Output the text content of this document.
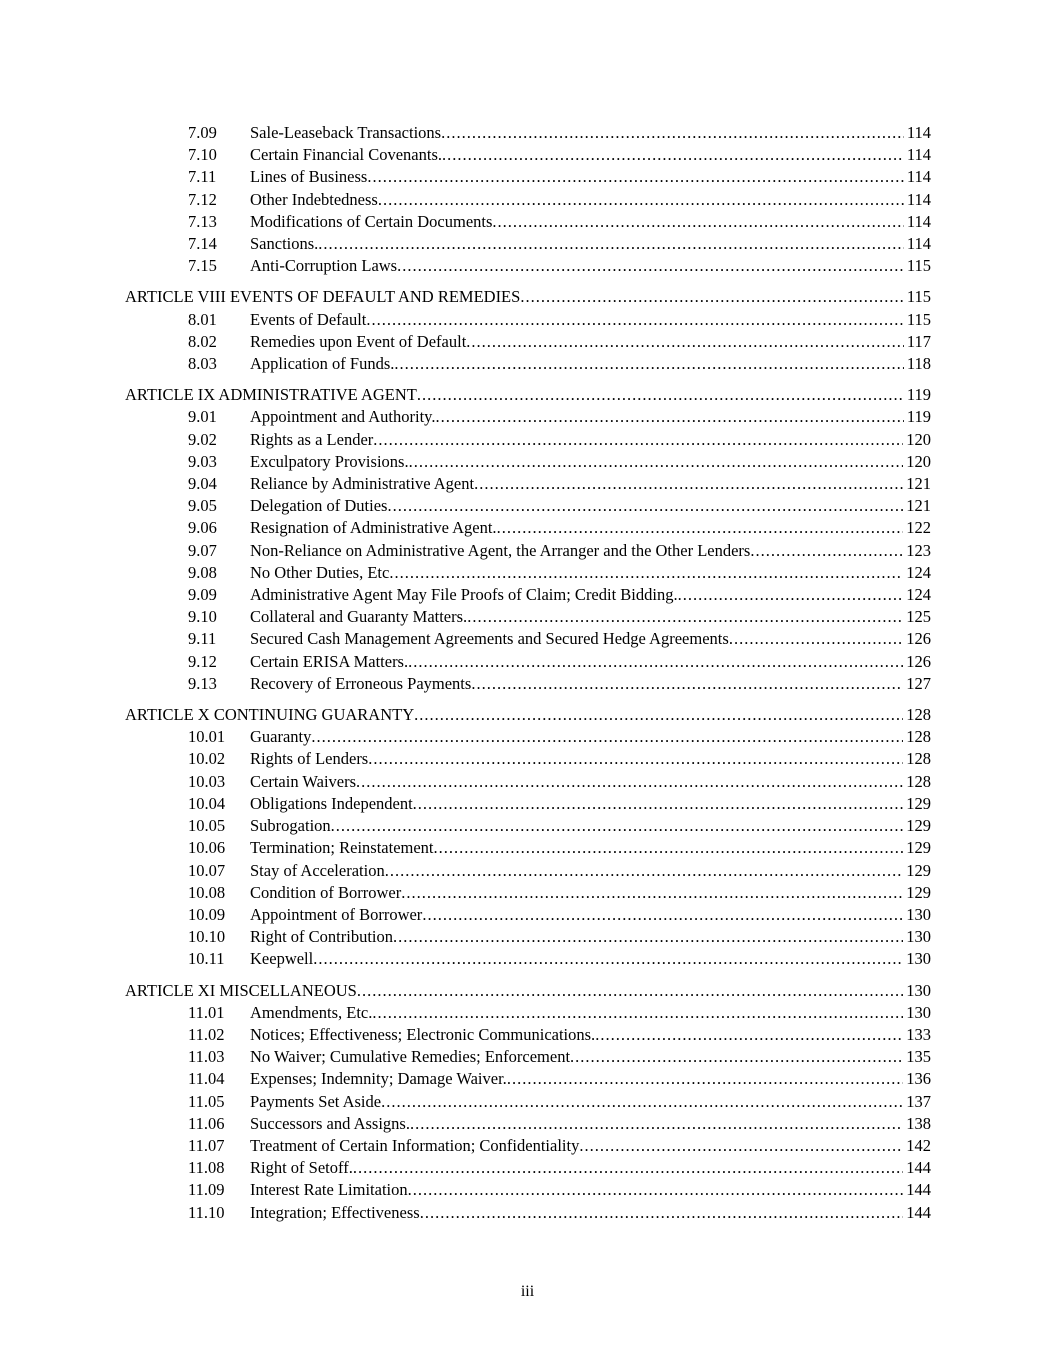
7.09	Sale-Leaseback Transactions .....	114
7.10	Certain Financial Covenants. .....	114
7.11	Lines of Business .....	114
7.12	Other Indebtedness .....	114
7.13	Modifications of Certain Documents .....	114
7.14	Sanctions. .....	114
7.15	Anti-Corruption Laws .....	115
ARTICLE VIII EVENTS OF DEFAULT AND REMEDIES .....	115
8.01	Events of Default .....	115
8.02	Remedies upon Event of Default .....	117
8.03	Application of Funds. .....	118
ARTICLE IX ADMINISTRATIVE AGENT .....	119
9.01	Appointment and Authority. .....	119
9.02	Rights as a Lender .....	120
9.03	Exculpatory Provisions. .....	120
9.04	Reliance by Administrative Agent .....	121
9.05	Delegation of Duties .....	121
9.06	Resignation of Administrative Agent. .....	122
9.07	Non-Reliance on Administrative Agent, the Arranger and the Other Lenders .....	123
9.08	No Other Duties, Etc .....	124
9.09	Administrative Agent May File Proofs of Claim; Credit Bidding. .....	124
9.10	Collateral and Guaranty Matters. .....	125
9.11	Secured Cash Management Agreements and Secured Hedge Agreements .....	126
9.12	Certain ERISA Matters. .....	126
9.13	Recovery of Erroneous Payments .....	127
ARTICLE X CONTINUING GUARANTY .....	128
10.01	Guaranty .....	128
10.02	Rights of Lenders .....	128
10.03	Certain Waivers .....	128
10.04	Obligations Independent .....	129
10.05	Subrogation .....	129
10.06	Termination; Reinstatement .....	129
10.07	Stay of Acceleration .....	129
10.08	Condition of Borrower .....	129
10.09	Appointment of Borrower .....	130
10.10	Right of Contribution .....	130
10.11	Keepwell .....	130
ARTICLE XI MISCELLANEOUS .....	130
11.01	Amendments, Etc. .....	130
11.02	Notices; Effectiveness; Electronic Communications. .....	133
11.03	No Waiver; Cumulative Remedies; Enforcement .....	135
11.04	Expenses; Indemnity; Damage Waiver. .....	136
11.05	Payments Set Aside .....	137
11.06	Successors and Assigns. .....	138
11.07	Treatment of Certain Information; Confidentiality .....	142
11.08	Right of Setoff. .....	144
11.09	Interest Rate Limitation .....	144
11.10	Integration; Effectiveness .....	144
iii
